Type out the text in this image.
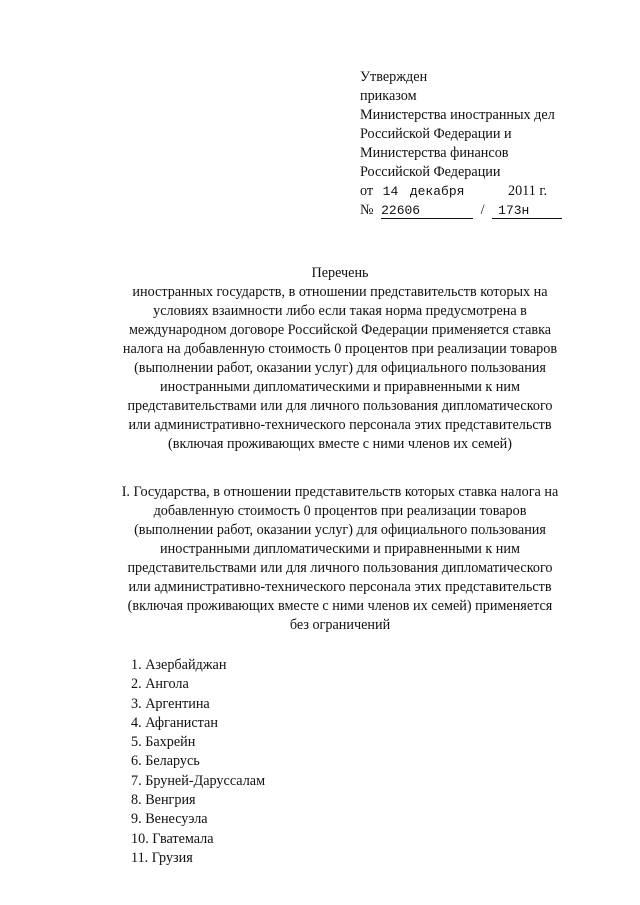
Утвержден
приказом
Министерства иностранных дел
Российской Федерации и
Министерства финансов
Российской Федерации
от 14 декабря	2011 г.
№ 22606	/ 173н
Перечень
иностранных государств, в отношении представительств которых на
условиях взаимности либо если такая норма предусмотрена в
международном договоре Российской Федерации применяется ставка
налога на добавленную стоимость 0 процентов при реализации товаров
(выполнении работ, оказании услуг) для официального пользования
иностранными дипломатическими и приравненными к ним
представительствами или для личного пользования дипломатического
или административно-технического персонала этих представительств
(включая проживающих вместе с ними членов их семей)
I. Государства, в отношении представительств которых ставка налога на
добавленную стоимость 0 процентов при реализации товаров
(выполнении работ, оказании услуг) для официального пользования
иностранными дипломатическими и приравненными к ним
представительствами или для личного пользования дипломатического
или административно-технического персонала этих представительств
(включая проживающих вместе с ними членов их семей) применяется
без ограничений
1. Азербайджан
2. Ангола
3. Аргентина
4. Афганистан
5. Бахрейн
6. Беларусь
7. Бруней-Даруссалам
8. Венгрия
9. Венесуэла
10. Гватемала
11. Грузия
